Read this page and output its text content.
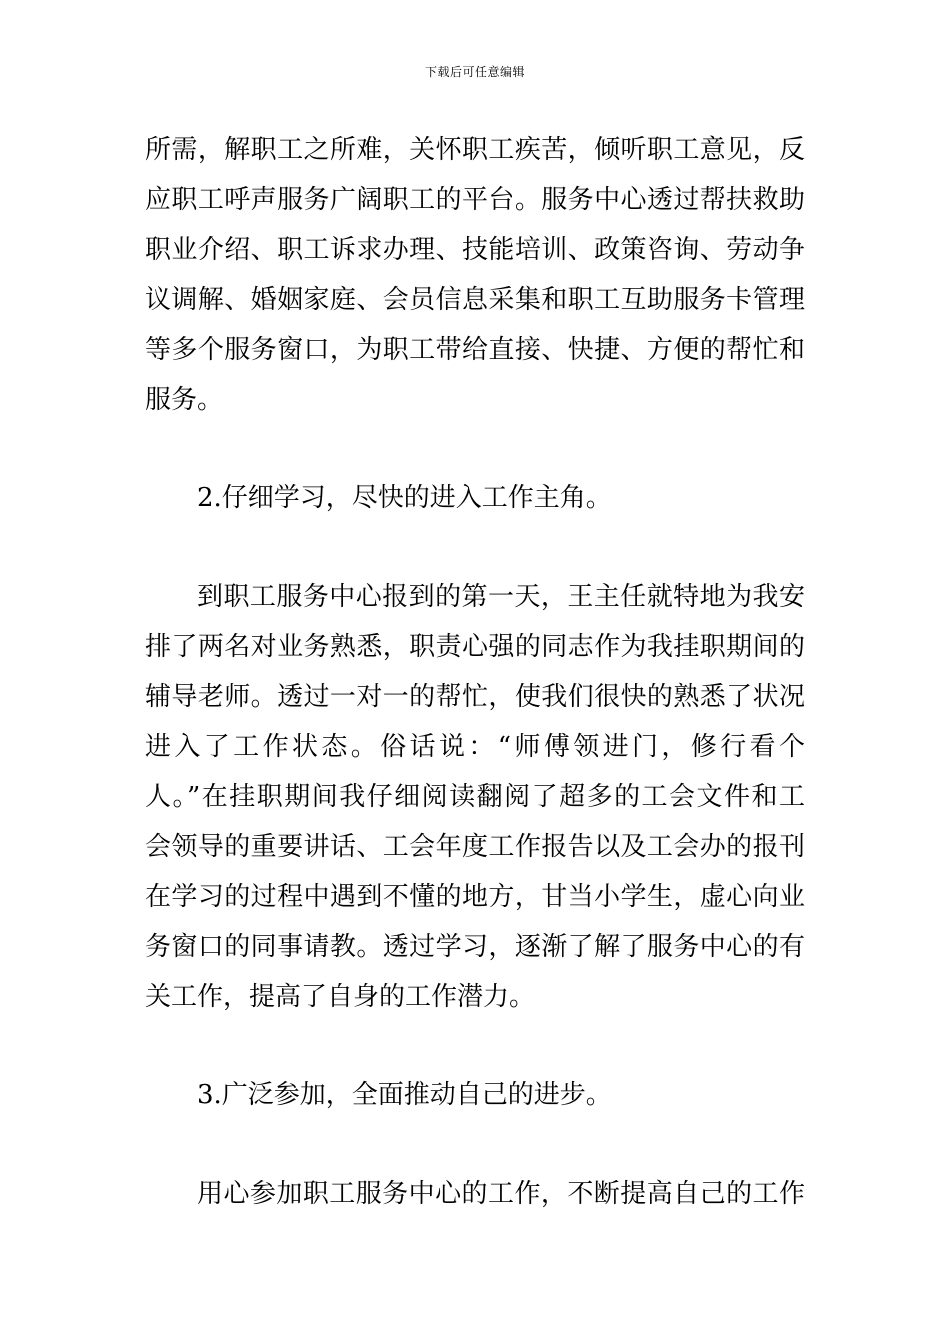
下载后可任意编辑
所需，解职工之所难，关怀职工疾苦，倾听职工意见，反
应职工呼声服务广阔职工的平台。服务中心透过帮扶救助
职业介绍、职工诉求办理、技能培训、政策咨询、劳动争
议调解、婚姻家庭、会员信息采集和职工互助服务卡管理
等多个服务窗口，为职工带给直接、快捷、方便的帮忙和
服务。
2.仔细学习，尽快的进入工作主角。
到职工服务中心报到的第一天，王主任就特地为我安
排了两名对业务熟悉，职责心强的同志作为我挂职期间的
辅导老师。透过一对一的帮忙，使我们很快的熟悉了状况
进入了工作状态。俗话说：“师傅领进门，修行看个
人。”在挂职期间我仔细阅读翻阅了超多的工会文件和工
会领导的重要讲话、工会年度工作报告以及工会办的报刊
在学习的过程中遇到不懂的地方，甘当小学生，虚心向业
务窗口的同事请教。透过学习，逐渐了解了服务中心的有
关工作，提高了自身的工作潜力。
3.广泛参加，全面推动自己的进步。
用心参加职工服务中心的工作，不断提高自己的工作
